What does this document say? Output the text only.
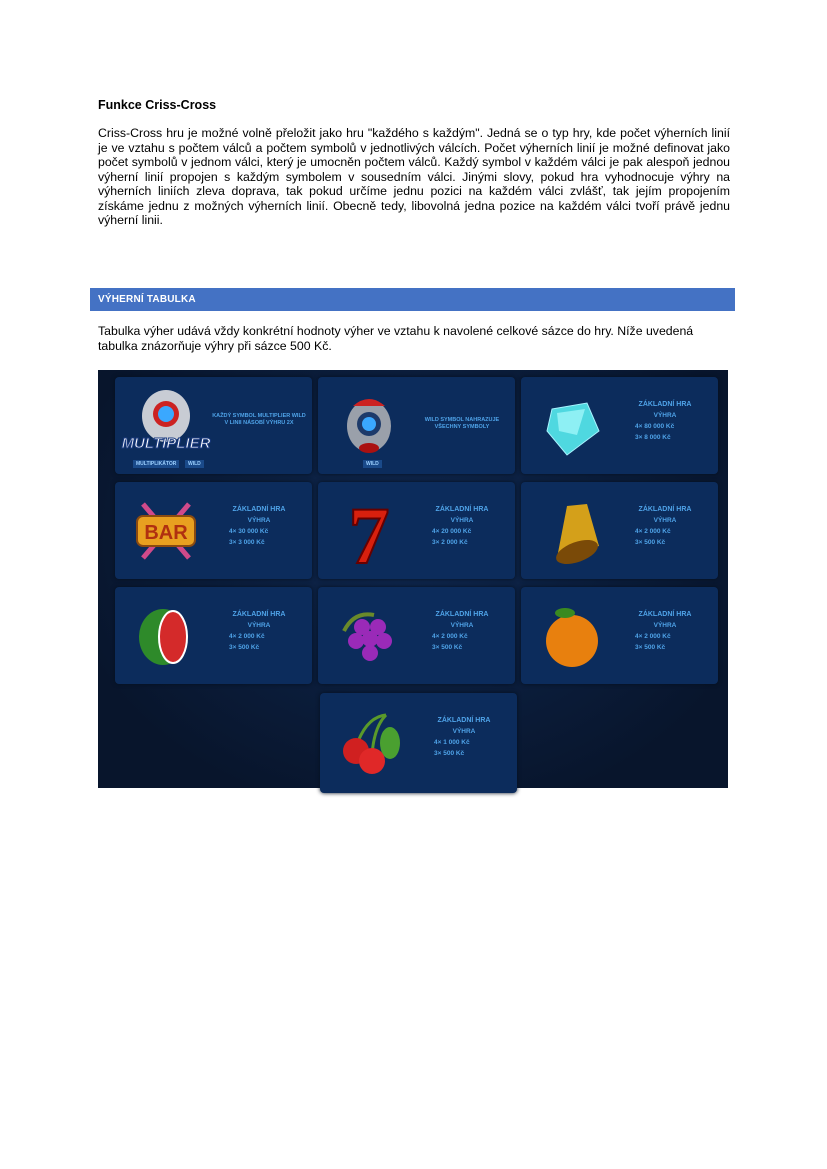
Funkce Criss-Cross

Criss-Cross hru je možné volně přeložit jako hru "každého s každým". Jedná se o typ hry, kde počet výherních linií je ve vztahu s počtem válců a počtem symbolů v jednotlivých válcích. Počet výherních linií je možné definovat jako počet symbolů v jednom válci, který je umocněn počtem válců. Každý symbol v každém válci je pak alespoň jednou výherní linií propojen s každým symbolem v sousedním válci. Jinými slovy, pokud hra vyhodnocuje výhry na výherních liniích zleva doprava, tak pokud určíme jednu pozici na každém válci zvlášť, tak jejím propojením získáme jednu z možných výherních linií. Obecně tedy, libovolná jedna pozice na každém válci tvoří právě jednu výherní linii.

VÝHERNÍ TABULKA

Tabulka výher udává vždy konkrétní hodnoty výher ve vztahu k navolené celkové sázce do hry. Níže uvedená tabulka znázorňuje výhry při sázce 500 Kč.

MULTIPLIER
MULTIPLIKÁTOR	WILD
KAŽDÝ SYMBOL MULTIPLIER WILD V LINII NÁSOBÍ VÝHRU 2X
WILD
WILD SYMBOL NAHRAZUJE VŠECHNY SYMBOLY
ZÁKLADNÍ HRA
VÝHRA
4× 80 000 Kč
3× 8 000 Kč
BAR
ZÁKLADNÍ HRA
VÝHRA
4× 30 000 Kč
3× 3 000 Kč	7	ZÁKLADNÍ HRA
VÝHRA
4× 20 000 Kč
3× 2 000 Kč
ZÁKLADNÍ HRA
VÝHRA
4× 2 000 Kč
3× 500 Kč
ZÁKLADNÍ HRA
VÝHRA
4× 2 000 Kč
3× 500 Kč
ZÁKLADNÍ HRA
VÝHRA
4× 2 000 Kč
3× 500 Kč
ZÁKLADNÍ HRA
VÝHRA
4× 2 000 Kč
3× 500 Kč
ZÁKLADNÍ HRA
VÝHRA
4× 1 000 Kč
3× 500 Kč
